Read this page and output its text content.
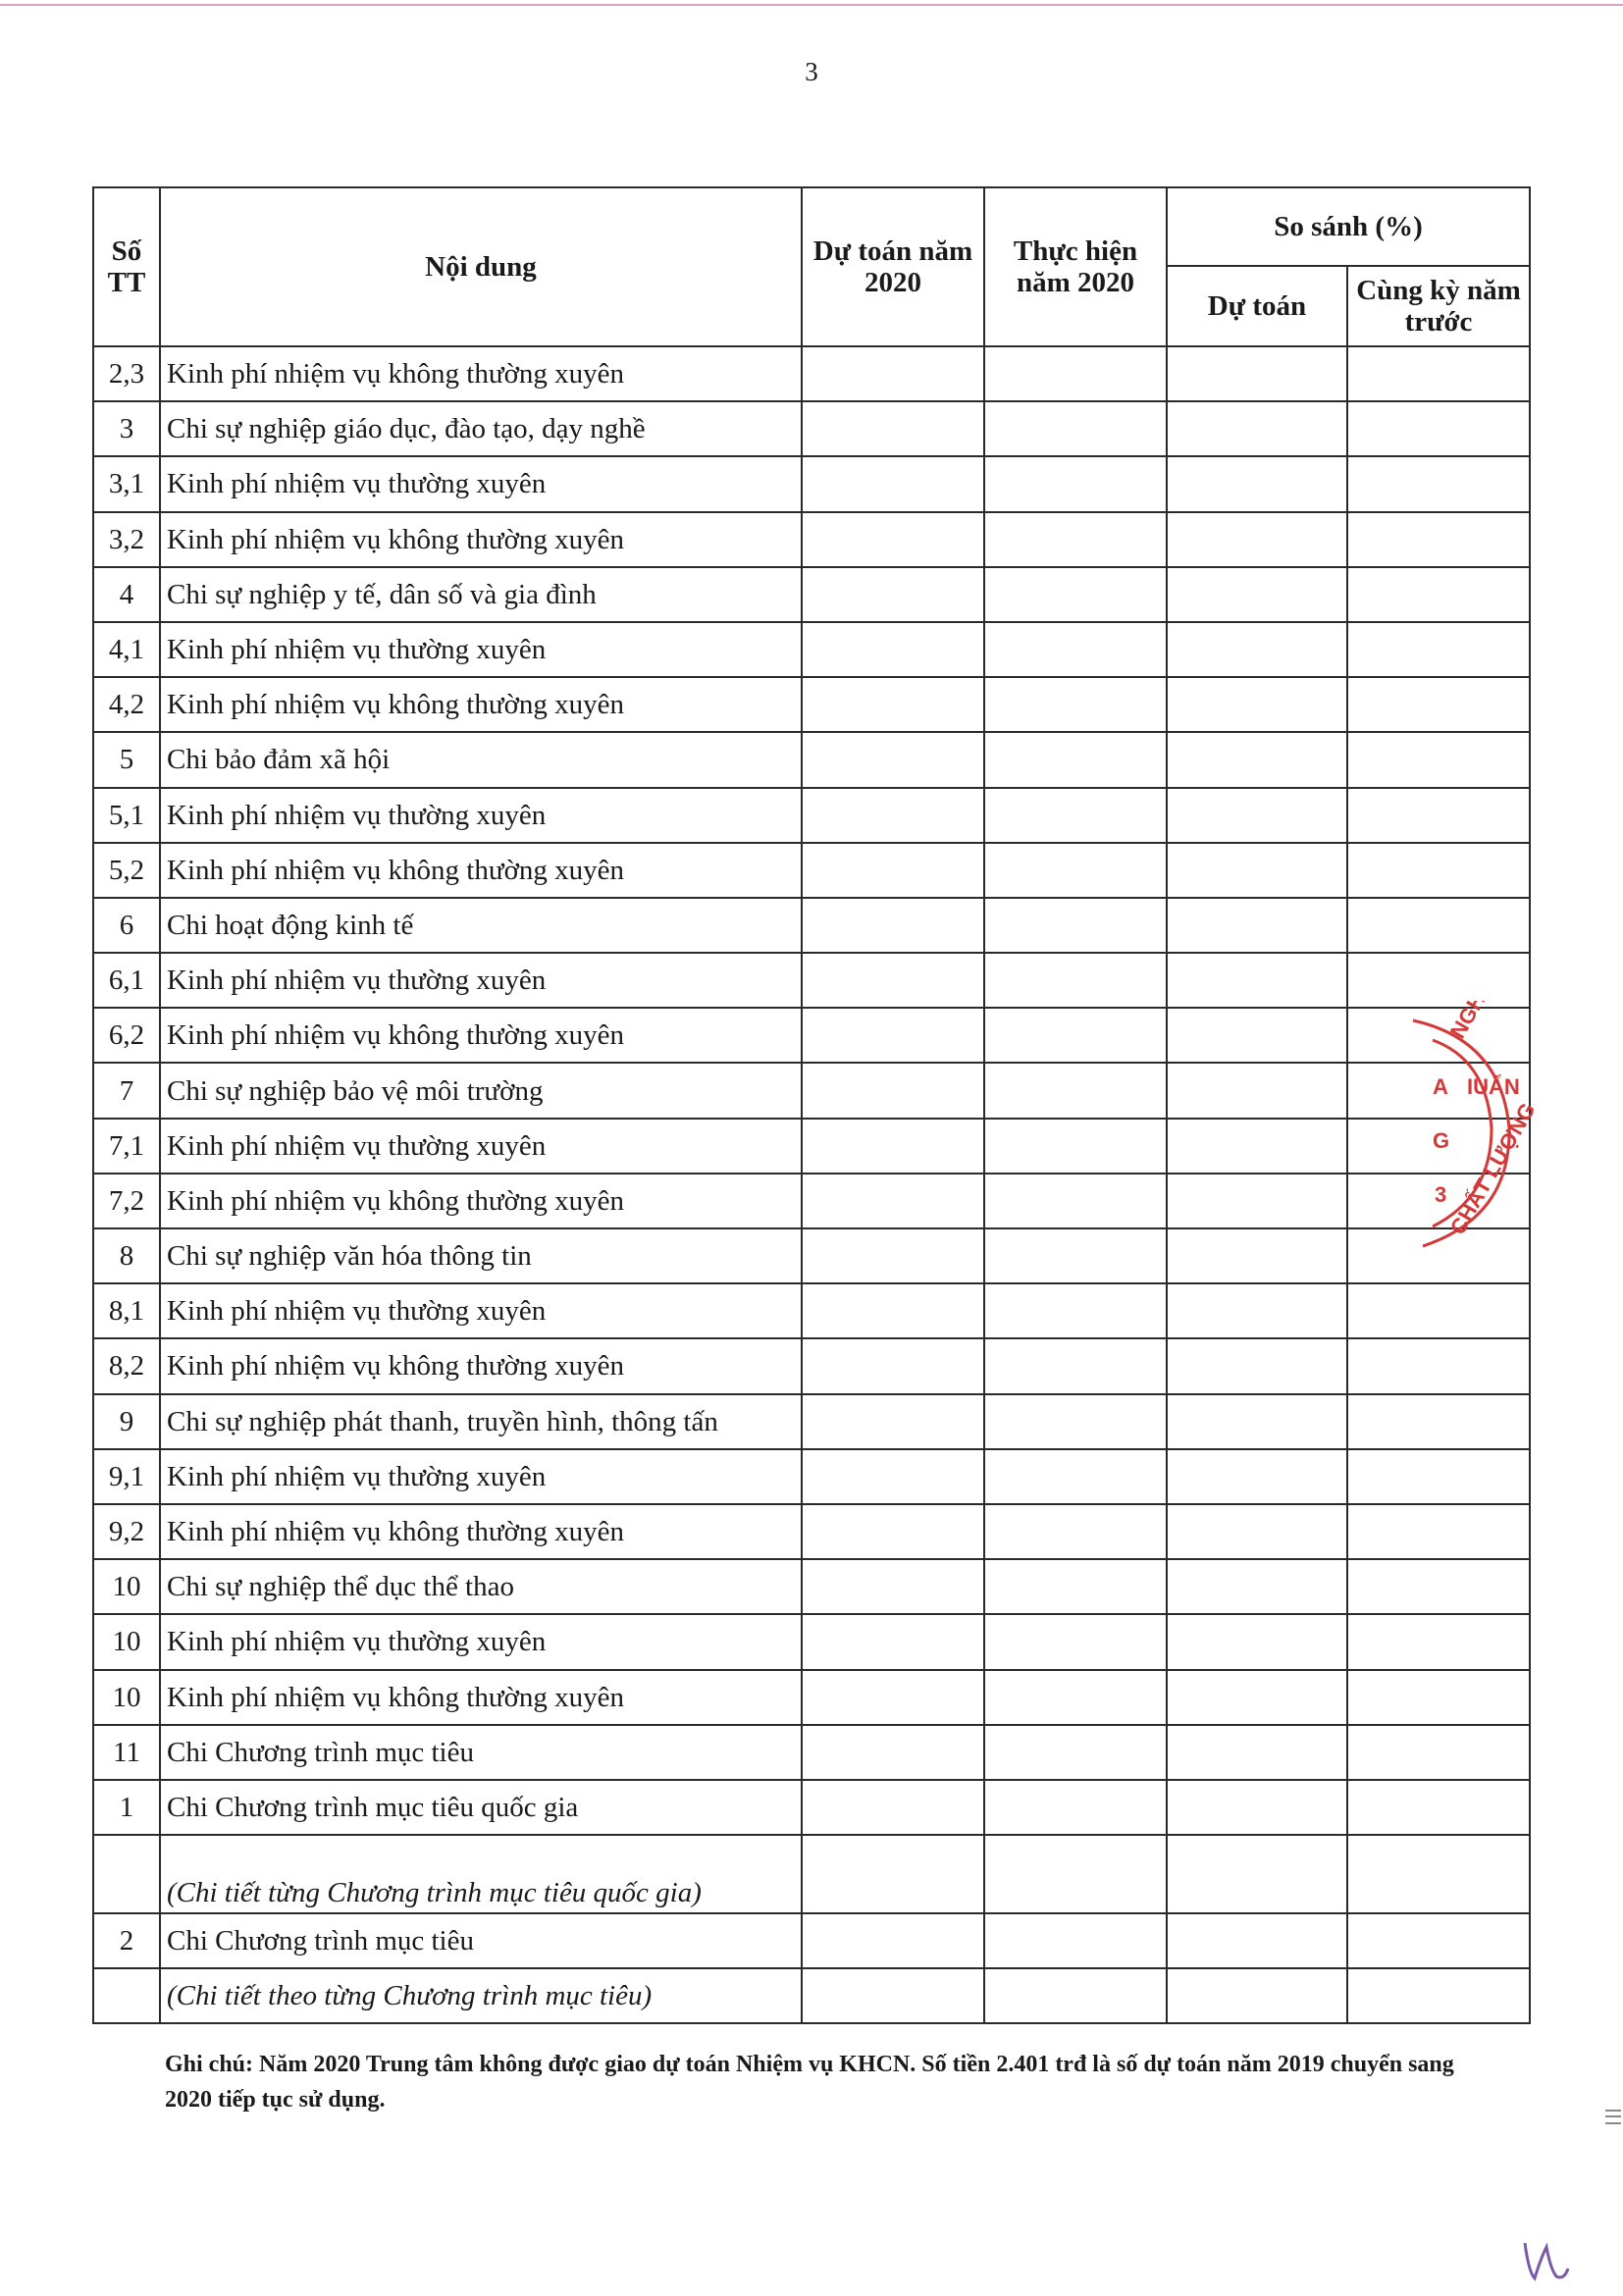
3
Số TT	Nội dung	Dự toán năm 2020	Thực hiện năm 2020	So sánh (%)	
				Dự toán	Cùng kỳ năm trước
2,3	Kinh phí nhiệm vụ không thường xuyên				
3	Chi sự nghiệp giáo dục, đào tạo, dạy nghề				
3,1	Kinh phí nhiệm vụ thường xuyên				
3,2	Kinh phí nhiệm vụ không thường xuyên				
4	Chi sự nghiệp y tế, dân số và gia đình				
4,1	Kinh phí nhiệm vụ thường xuyên				
4,2	Kinh phí nhiệm vụ không thường xuyên				
5	Chi bảo đảm xã hội				
5,1	Kinh phí nhiệm vụ thường xuyên				
5,2	Kinh phí nhiệm vụ không thường xuyên				
6	Chi hoạt động kinh tế				
6,1	Kinh phí nhiệm vụ thường xuyên				
6,2	Kinh phí nhiệm vụ không thường xuyên				
7	Chi sự nghiệp bảo vệ môi trường				
7,1	Kinh phí nhiệm vụ thường xuyên				
7,2	Kinh phí nhiệm vụ không thường xuyên				
8	Chi sự nghiệp văn hóa thông tin				
8,1	Kinh phí nhiệm vụ thường xuyên				
8,2	Kinh phí nhiệm vụ không thường xuyên				
9	Chi sự nghiệp phát thanh, truyền hình, thông tấn				
9,1	Kinh phí nhiệm vụ thường xuyên				
9,2	Kinh phí nhiệm vụ không thường xuyên				
10	Chi sự nghiệp thể dục thể thao				
10	Kinh phí nhiệm vụ thường xuyên				
10	Kinh phí nhiệm vụ không thường xuyên				
11	Chi Chương trình mục tiêu				
1	Chi Chương trình mục tiêu quốc gia				
	(Chi tiết từng Chương trình mục tiêu quốc gia)				
2	Chi Chương trình mục tiêu				
	(Chi tiết theo từng Chương trình mục tiêu)				
NGHỆ
A IUẨN
G
3
CHẤT LƯỢNG
Ghi chú: Năm 2020 Trung tâm không được giao dự toán Nhiệm vụ KHCN. Số tiền 2.401 trđ là số dự toán năm 2019 chuyển sang 2020 tiếp tục sử dụng.
